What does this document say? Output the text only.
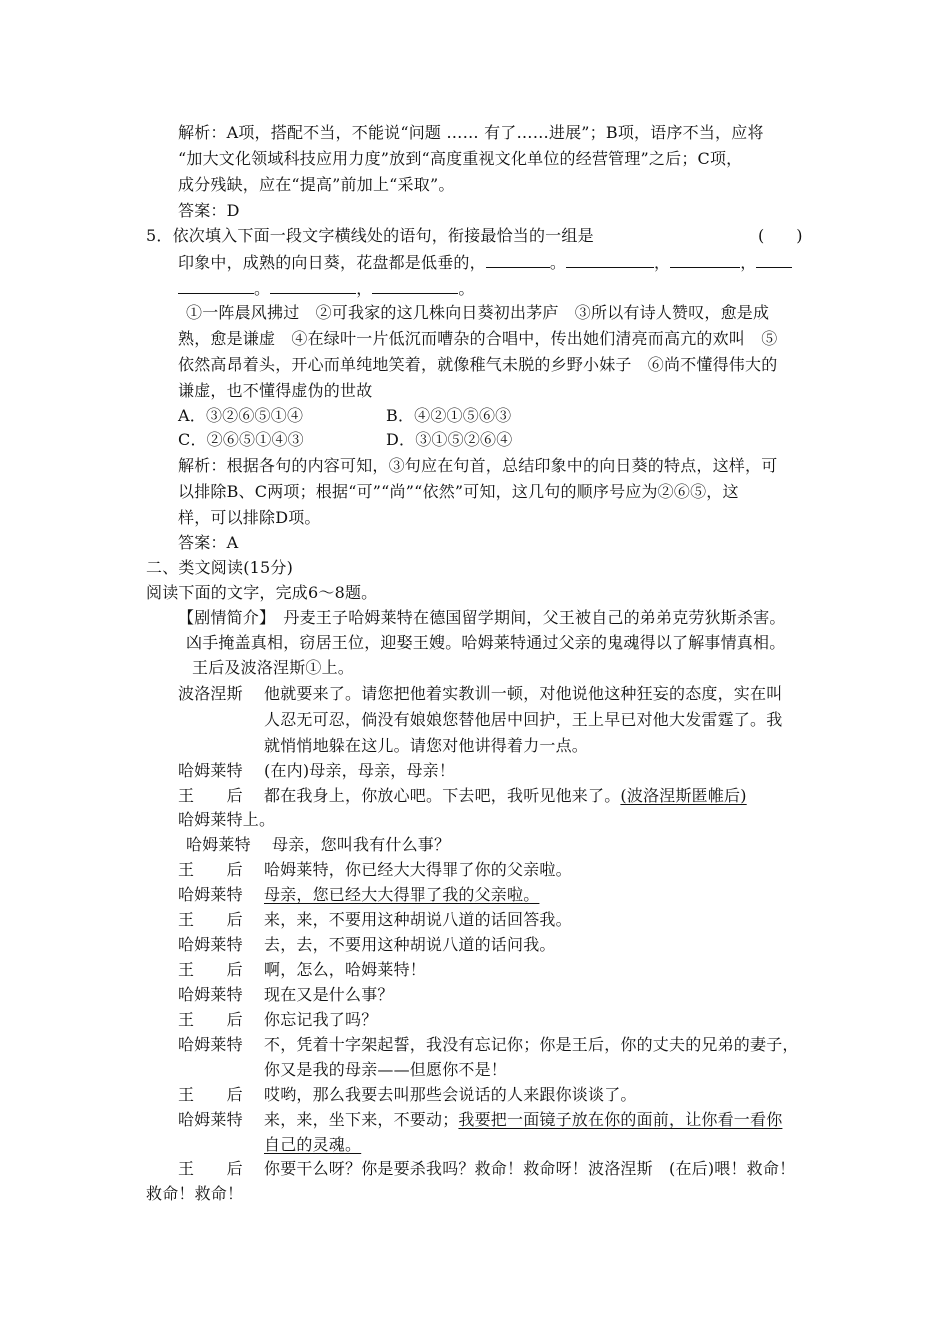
解析：A项，搭配不当，不能说“问题 …… 有了……进展”；B项，语序不当，应将
“加大文化领域科技应用力度”放到“高度重视文化单位的经营管理”之后；C项，
成分残缺，应在“提高”前加上“采取”。
答案：D
5．依次填入下面一段文字横线处的语句，衔接最恰当的一组是	(　　)
印象中，成熟的向日葵，花盘都是低垂的，	。	，	，
。	，	。
①一阵晨风拂过　②可我家的这几株向日葵初出茅庐　③所以有诗人赞叹，愈是成
熟，愈是谦虚　④在绿叶一片低沉而嘈杂的合唱中，传出她们清亮而高亢的欢叫　⑤
依然高昂着头，开心而单纯地笑着，就像稚气未脱的乡野小妹子　⑥尚不懂得伟大的
谦虚，也不懂得虚伪的世故
A．③②⑥⑤①④	B．④②①⑤⑥③
C．②⑥⑤①④③	D．③①⑤②⑥④
解析：根据各句的内容可知，③句应在句首，总结印象中的向日葵的特点，这样，可
以排除B、C两项；根据“可”“尚”“依然”可知，这几句的顺序号应为②⑥⑤，这
样，可以排除D项。
答案：A
二、类文阅读(15分)
阅读下面的文字，完成6～8题。
【剧情简介】　丹麦王子哈姆莱特在德国留学期间，父王被自己的弟弟克劳狄斯杀害。
凶手掩盖真相，窃居王位，迎娶王嫂。哈姆莱特通过父亲的鬼魂得以了解事情真相。
王后及波洛涅斯①上。
波洛涅斯 他就要来了。请您把他着实教训一顿，对他说他这种狂妄的态度，实在叫
人忍无可忍，倘没有娘娘您替他居中回护，王上早已对他大发雷霆了。我
就悄悄地躲在这儿。请您对他讲得着力一点。
哈姆莱特 (在内)母亲，母亲，母亲！
王　　后 都在我身上，你放心吧。下去吧，我听见他来了。(波洛涅斯匿帷后)
哈姆莱特上。
哈姆莱特 母亲，您叫我有什么事？
王　　后 哈姆莱特，你已经大大得罪了你的父亲啦。
哈姆莱特 母亲，您已经大大得罪了我的父亲啦。
王　　后 来，来，不要用这种胡说八道的话回答我。
哈姆莱特 去，去，不要用这种胡说八道的话问我。
王　　后 啊，怎么，哈姆莱特！
哈姆莱特 现在又是什么事？
王　　后 你忘记我了吗？
哈姆莱特 不，凭着十字架起誓，我没有忘记你；你是王后，你的丈夫的兄弟的妻子，
你又是我的母亲——但愿你不是！
王　　后 哎哟，那么我要去叫那些会说话的人来跟你谈谈了。
哈姆莱特 来，来，坐下来，不要动；我要把一面镜子放在你的面前，让你看一看你
自己的灵魂。
王　　后 你要干么呀？你是要杀我吗？救命！救命呀！波洛涅斯　(在后)喂！救命！
救命！救命！
